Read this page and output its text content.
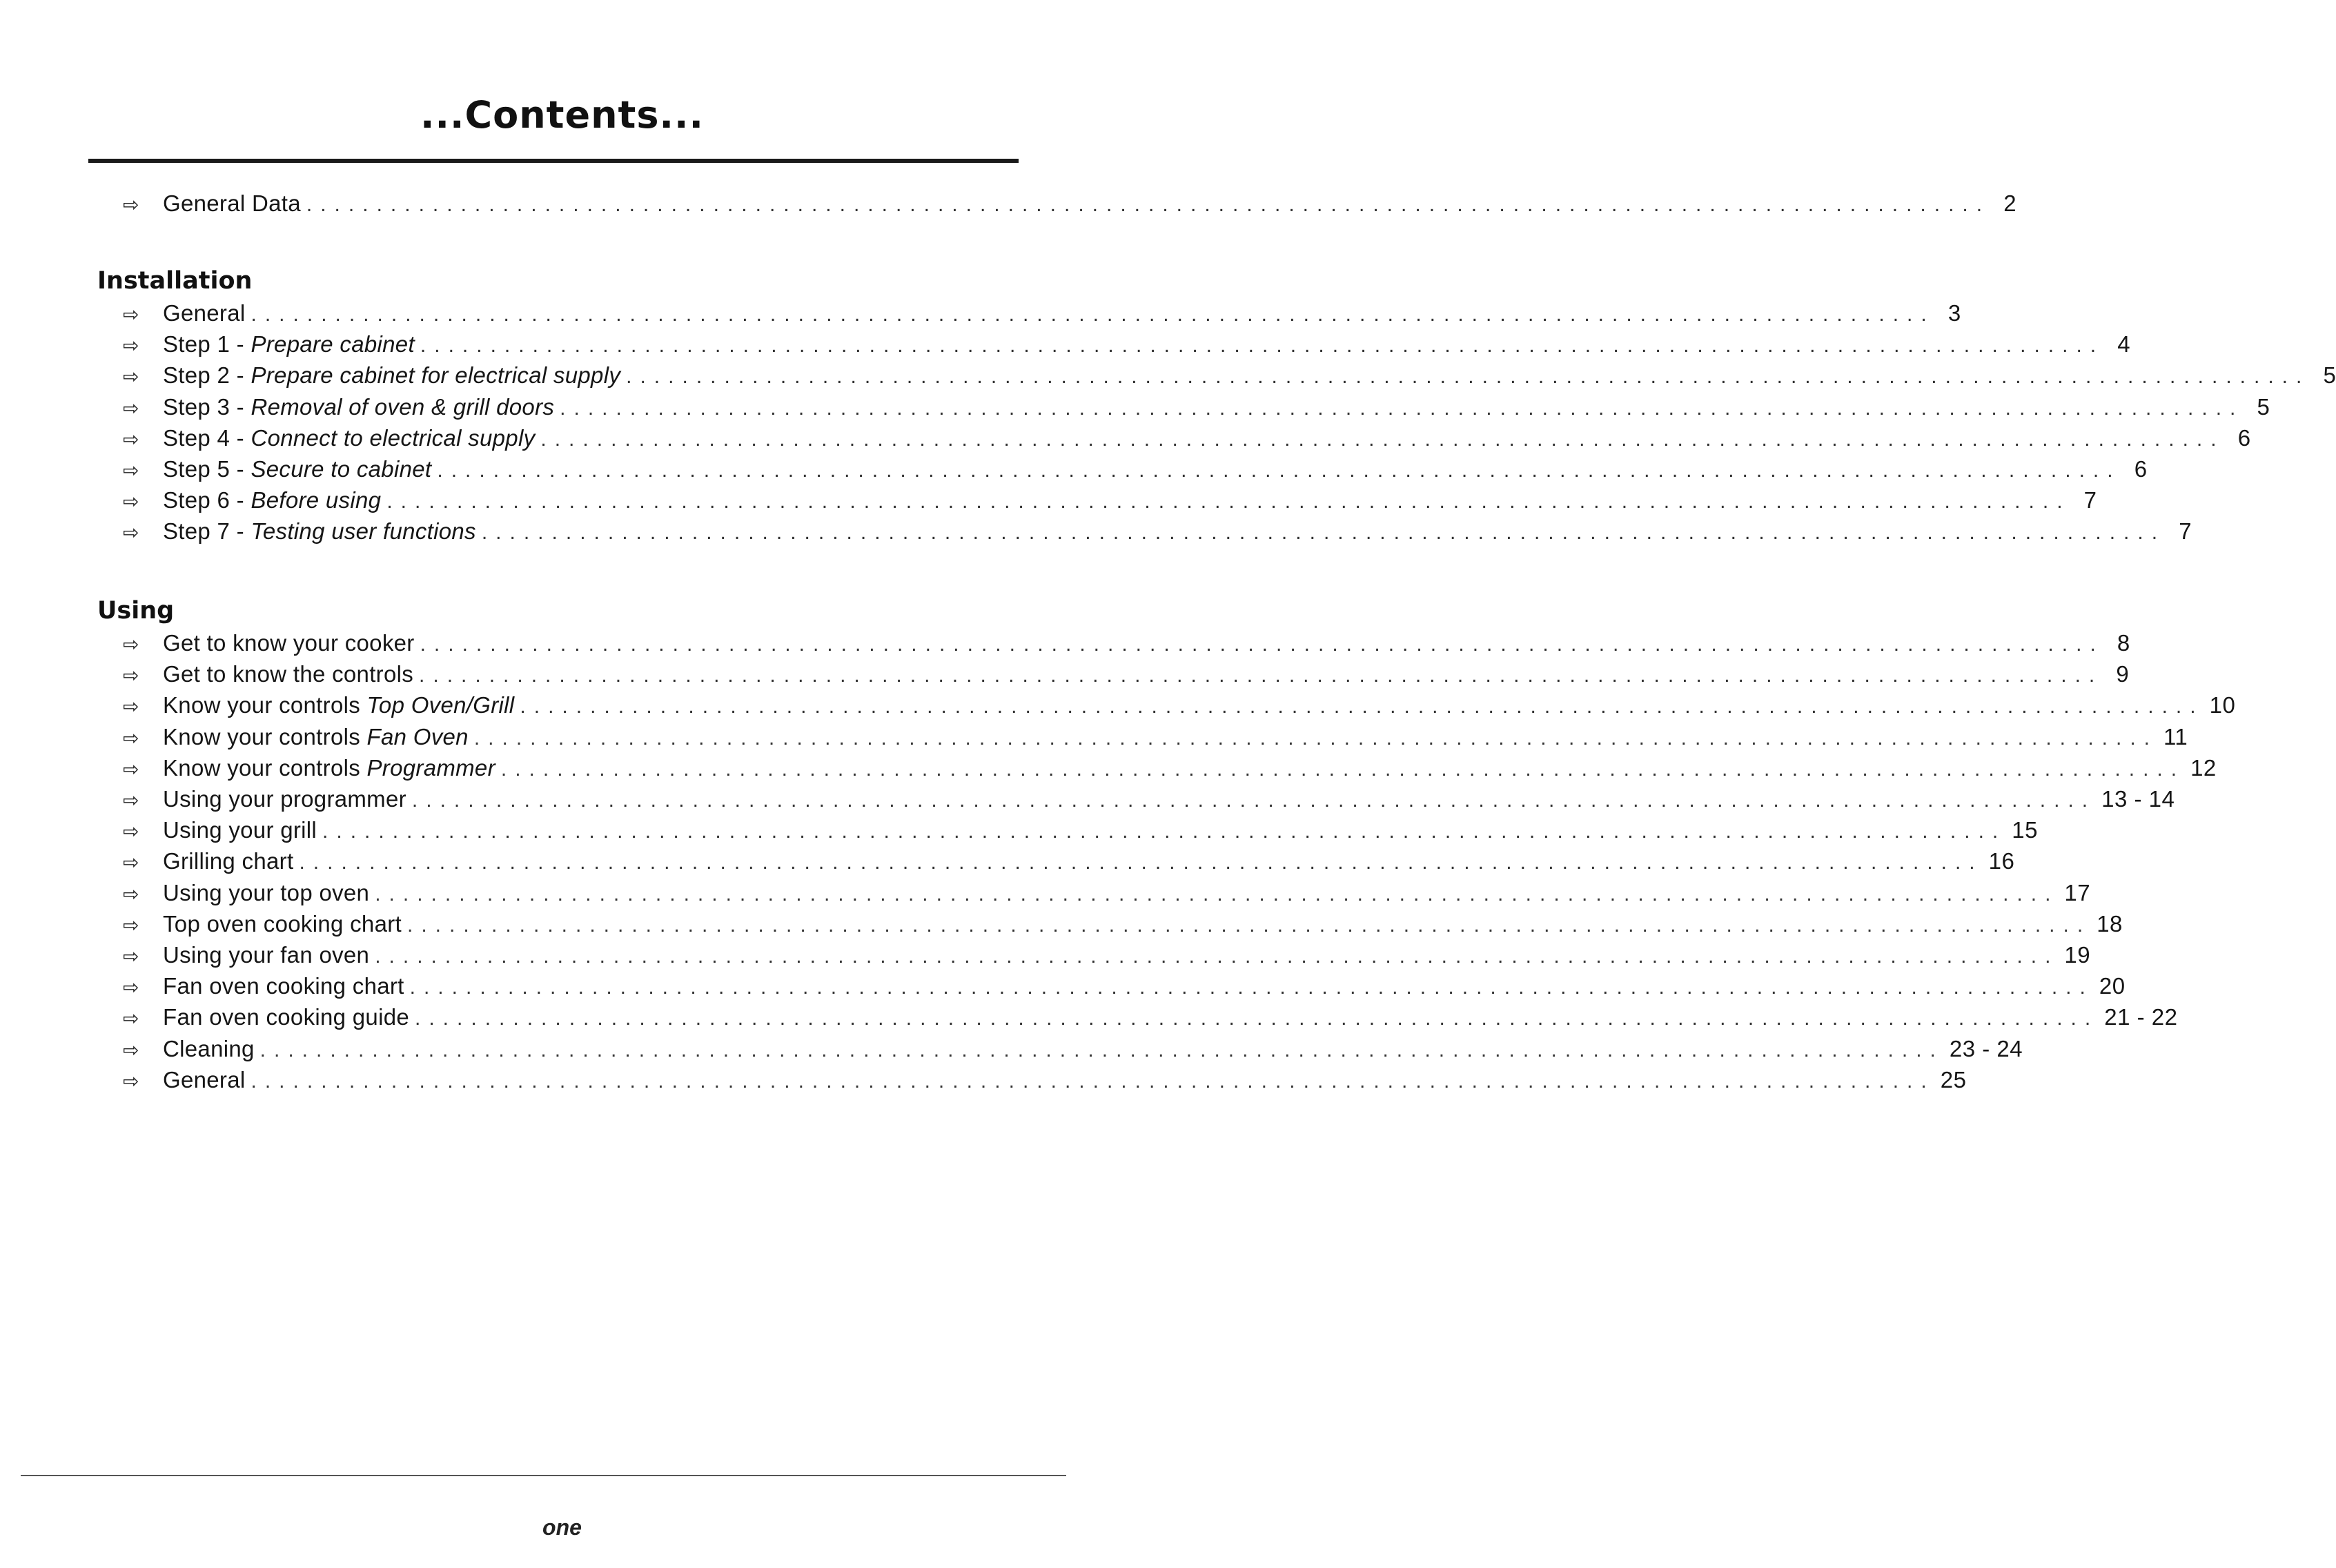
...Contents...
⇨	General Data ........................................................................................................................ 2
Installation
⇨	General ........................................................................................................................ 3
⇨	Step 1 - Prepare cabinet ........................................................................................................................ 4
⇨	Step 2 - Prepare cabinet for electrical supply ........................................................................................................................ 5
⇨	Step 3 - Removal of oven & grill doors ........................................................................................................................ 5
⇨	Step 4 - Connect to electrical supply ........................................................................................................................ 6
⇨	Step 5 - Secure to cabinet ........................................................................................................................ 6
⇨	Step 6 - Before using ........................................................................................................................ 7
⇨	Step 7 - Testing user functions ........................................................................................................................ 7
Using
⇨	Get to know your cooker ........................................................................................................................ 8
⇨	Get to know the controls ........................................................................................................................ 9
⇨	Know your controls Top Oven/Grill ........................................................................................................................ 10
⇨	Know your controls Fan Oven ........................................................................................................................ 11
⇨	Know your controls Programmer ........................................................................................................................ 12
⇨	Using your programmer ........................................................................................................................ 13 - 14
⇨	Using your grill ........................................................................................................................ 15
⇨	Grilling chart ........................................................................................................................ 16
⇨	Using your top oven ........................................................................................................................ 17
⇨	Top oven cooking chart ........................................................................................................................ 18
⇨	Using your fan oven ........................................................................................................................ 19
⇨	Fan oven cooking chart ........................................................................................................................ 20
⇨	Fan oven cooking guide ........................................................................................................................ 21 - 22
⇨	Cleaning ........................................................................................................................ 23 - 24
⇨	General ........................................................................................................................ 25
one
